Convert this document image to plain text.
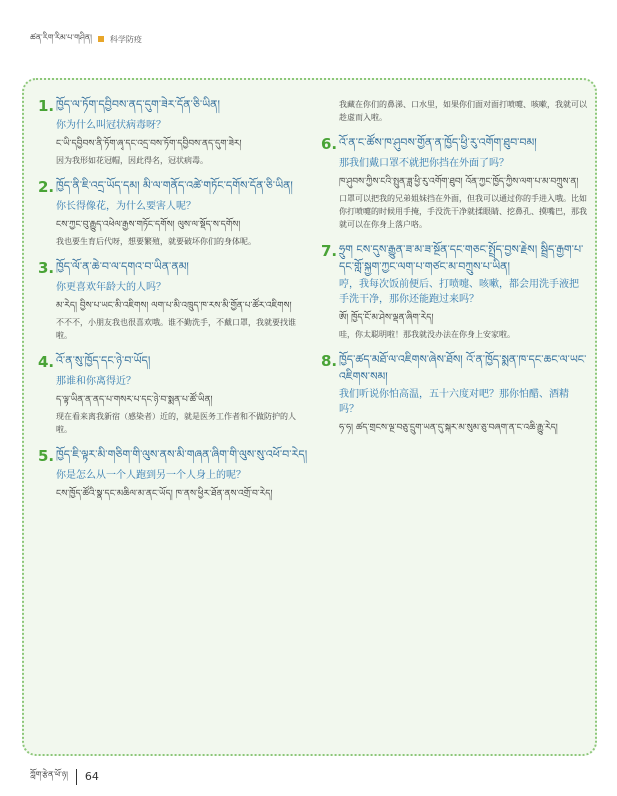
ཚན་རིག་རིམ་པ་གཤིན། 科学防疫
1. ཁྱོད་ལ་ཏོག་དབྱིབས་ནད་དུག་ཟེར་དོན་ཅི་ཡིན།
你为什么叫冠状病毒呀？
ང་ཡི་དབྱིབས་ནི་ཏོག་ཞྭ་དང་འདྲ་བས་ཏོག་དབྱིབས་ནད་དུག་ཟེར།
因为我形如花冠帽，因此得名，冠状病毒。
2. ཁྱོད་ནི་ཇི་འདྲ་ཡོད་དམ། མི་ལ་གནོད་འཚེ་གཏོང་དགོས་དོན་ཅི་ཡིན།
你长得像花，为什么要害人呢？
ངས་ཀྱང་བུ་རྒྱུད་འཕེལ་རྒྱས་གཏོང་དགོས། ལུས་ལ་སྡོད་ས་དགོས།
我也要生育后代呀，想要繁殖，就要破坏你们的身体呢。
3. ཁྱོད་ལོ་ན་ཆེ་བ་ལ་དགའ་བ་ཡིན་ནམ།
你更喜欢年龄大的人吗？
མ་རེད། བྱིས་པ་ཡང་མི་འཇིགས། ལག་པ་མི་འཁྲུད་ཁ་རས་མི་གྱོན་པ་ཚོར་འཇིགས།
不不不，小朋友我也很喜欢哦。谁不勤洗手，不戴口罩，我就要找谁啦。
4. འོ་ན་སུ་ཁྱོད་དང་ཉེ་བ་ཡོད།
那谁和你离得近？
ད་ལྟ་ཡིན་ན་ནད་པ་གསར་པ་དང་ཉེ་བ་སྨན་པ་ཚོ་ཡིན།
现在看来离我新宿（感染者）近的，就是医务工作者和不做防护的人啦。
5. ཁྱོད་ཇི་ལྟར་མི་གཅིག་གི་ལུས་ནས་མི་གཞན་ཞིག་གི་ལུས་སུ་འཕོ་བ་རེད།
你是怎么从一个人跑到另一个人身上的呢？
ངས་ཁྱོད་ཚོའི་སྣ་དང་མཆིལ་མ་ནང་ཡོད། ཁ་ནས་ཕྱིར་ཐོན་ནས་འགྲོ་བ་རེད།
我藏在你们的鼻涕、口水里，如果你们面对面打喷嚏、咳嗽，我就可以趁虚而入啦。
6. འོ་ན་ང་ཚོས་ཁ་ཤུབས་གྱོན་ན་ཁྱོད་ཕྱི་རུ་འགོག་ཐུབ་བམ།
那我们戴口罩不就把你挡在外面了吗？
ཁ་ཤུབས་ཀྱིས་ངའི་སྤུན་ཟླ་ཕྱི་རུ་འགོག་ཐུབ། འོན་ཀྱང་ཁྱོད་ཀྱིས་ལག་པ་མ་བཀྲུས་ན།
口罩可以把我的兄弟姐妹挡在外面，但我可以通过你的手进入哦。比如你打喷嚏的时候用手掩，手没洗干净就揉眼睛、挖鼻孔、摸嘴巴，那我就可以在你身上落户咯。
7. ཧྲུག ངས་དུས་རྒྱུན་ཟ་མ་ཟ་སྔོན་དང་གཅང་སྤྲོད་བྱས་རྗེས། སྦྲིད་རྒྱག་པ་དང་གློ་སྐྱག་ཀྱང་ལག་པ་གཙང་མ་བཀྲུས་པ་ཡིན།
哼，我每次饭前便后、打喷嚏、咳嗽，都会用洗手液把手洗干净，那你还能跑过来吗？
ཨོ། ཁྱོད་ངོ་མ་ཤེས་ལྡན་ཞིག་རེད།
哇，你太聪明啦！那我就没办法在你身上安家啦。
8. ཁྱོད་ཚད་མཐོ་ལ་འཇིགས་ཞེས་ཐོས། འོ་ན་ཁྱོད་སྨན་ཁ་དང་ཆང་ལ་ཡང་འཇིགས་སམ།
我们听说你怕高温，五十六度对吧？那你怕醋、酒精吗？
ཧ་ཧ། ཚད་གྲངས་ལྔ་བཅུ་དྲུག་ཡན་དུ་སྐར་མ་སུམ་ཅུ་བཞག་ན་ང་འཆི་རྒྱུ་རེད།
ཀློག་རྩེན་ཕོ་ཉ། 64
